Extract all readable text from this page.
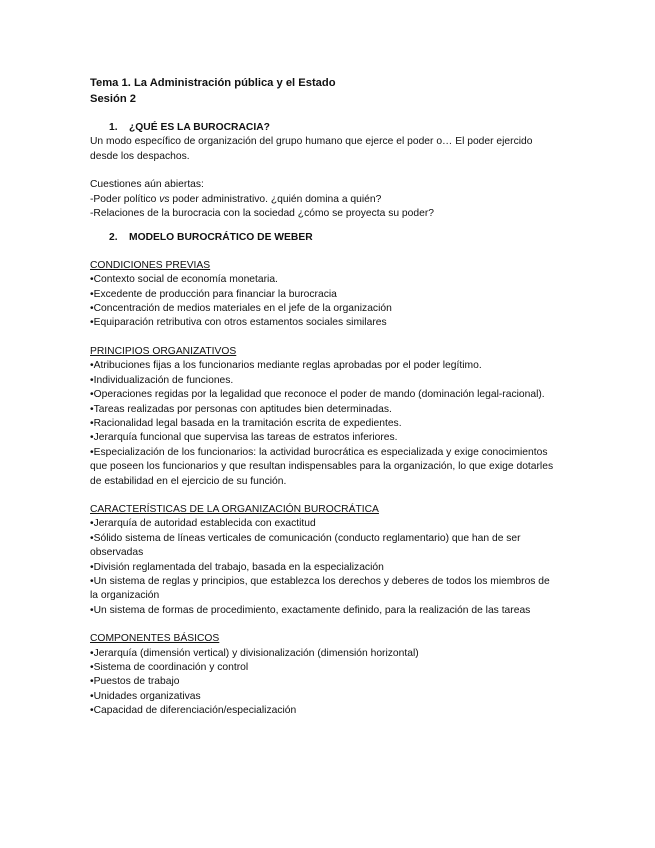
Tema 1. La Administración pública y el Estado
Sesión 2
1. ¿QUÉ ES LA BUROCRACIA?

Un modo específico de organización del grupo humano que ejerce el poder o… El poder ejercido desde los despachos.

Cuestiones aún abiertas:

-Poder político vs poder administrativo. ¿quién domina a quién?

-Relaciones de la burocracia con la sociedad ¿cómo se proyecta su poder?

2. MODELO BUROCRÁTICO DE WEBER
CONDICIONES PREVIAS
•Contexto social de economía monetaria.
•Excedente de producción para financiar la burocracia
•Concentración de medios materiales en el jefe de la organización
•Equiparación retributiva con otros estamentos sociales similares
PRINCIPIOS ORGANIZATIVOS
•Atribuciones fijas a los funcionarios mediante reglas aprobadas por el poder legítimo.
•Individualización de funciones.
•Operaciones regidas por la legalidad que reconoce el poder de mando (dominación legal-racional).
•Tareas realizadas por personas con aptitudes bien determinadas.
•Racionalidad legal basada en la tramitación escrita de expedientes.
•Jerarquía funcional que supervisa las tareas de estratos inferiores.
•Especialización de los funcionarios: la actividad burocrática es especializada y exige conocimientos que poseen los funcionarios y que resultan indispensables para la organización, lo que exige dotarles de estabilidad en el ejercicio de su función.
CARACTERÍSTICAS DE LA ORGANIZACIÓN BUROCRÁTICA
•Jerarquía de autoridad establecida con exactitud
•Sólido sistema de líneas verticales de comunicación (conducto reglamentario) que han de ser observadas
•División reglamentada del trabajo, basada en la especialización
•Un sistema de reglas y principios, que establezca los derechos y deberes de todos los miembros de la organización
•Un sistema de formas de procedimiento, exactamente definido, para la realización de las tareas
COMPONENTES BÁSICOS
•Jerarquía (dimensión vertical) y divisionalización (dimensión horizontal)
•Sistema de coordinación y control
•Puestos de trabajo
•Unidades organizativas
•Capacidad de diferenciación/especialización
